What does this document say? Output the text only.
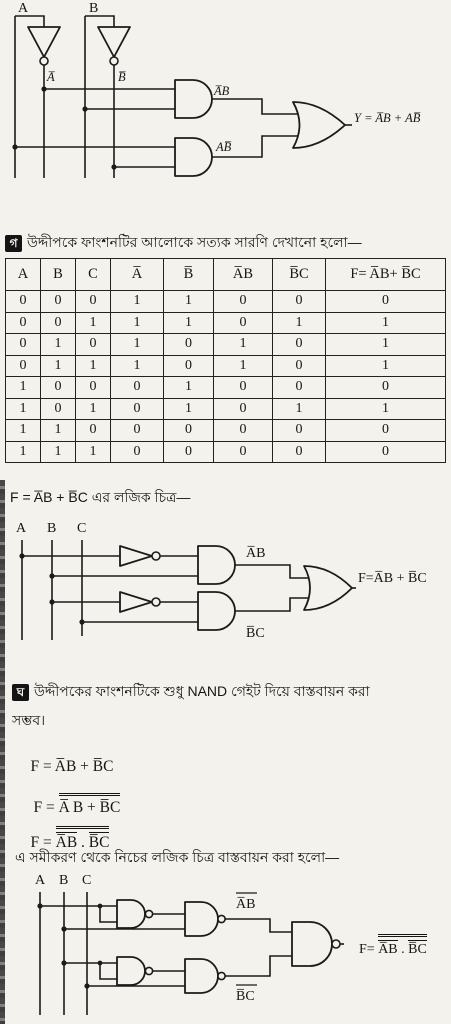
A	B
A̅	B̅
A̅B
AB̅
Y = A̅B + AB̅
গ উদ্দীপকে ফাংশনটির আলোকে সত্যক সারণি দেখানো হলো—
A	B	C	A̅	B̅	A̅B	B̅C	F= A̅B+ B̅C
0	0	0	1	1	0	0	0
0	0	1	1	1	0	1	1
0	1	0	1	0	1	0	1
0	1	1	1	0	1	0	1
1	0	0	0	1	0	0	0
1	0	1	0	1	0	1	1
1	1	0	0	0	0	0	0
1	1	1	0	0	0	0	0
F = A̅B + B̅C এর লজিক চিত্র—
A B C
A̅B
B̅C
F=A̅B + B̅C
ঘ উদ্দীপকের ফাংশনটিকে শুধু NAND গেইট দিয়ে বাস্তবায়ন করা
সম্ভব।

F = A̅B + B̅C

F = A̅ B + B̅C

F = A̅B . B̅C

এ সমীকরণ থেকে নিচের লজিক চিত্র বাস্তবায়ন করা হলো—
A B C
A̅B
B̅C

F= A̅B . B̅C
